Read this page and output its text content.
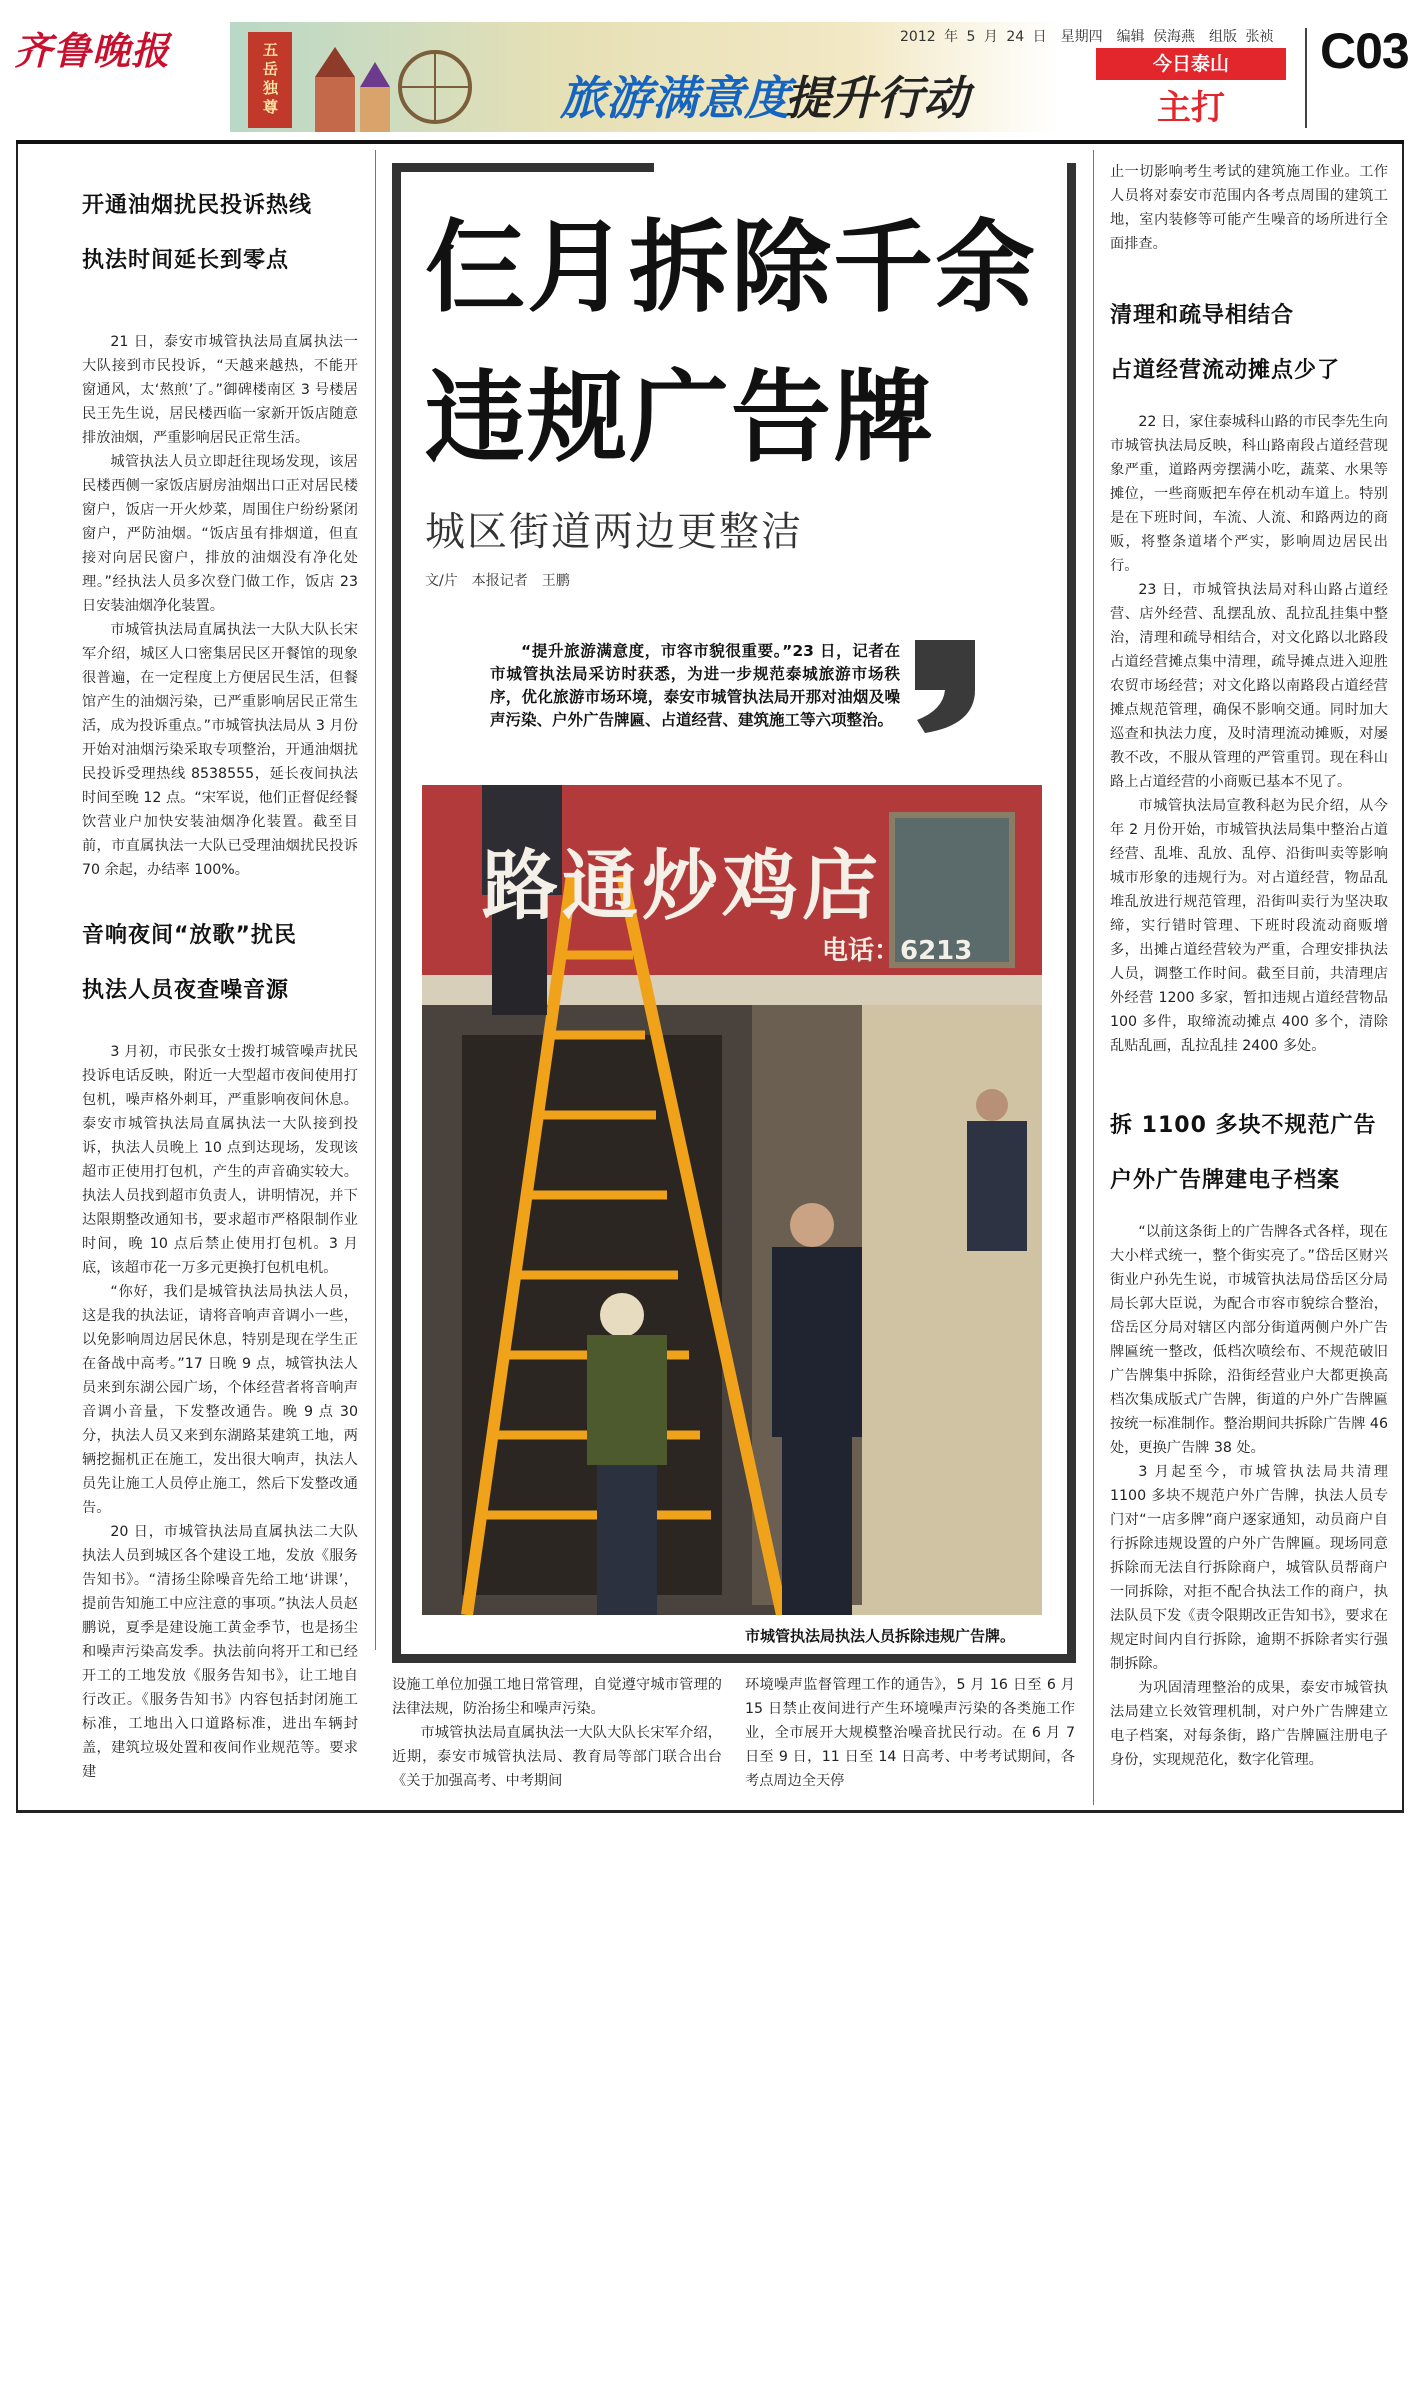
齐鲁晚报	五岳独尊	旅游满意度
提升行动
2012 年 5 月 24 日　星期四　编辑 侯海燕　组版 张祯
今日泰山
主打
C03
开通油烟扰民投诉热线
执法时间延长到零点

21 日，泰安市城管执法局直属执法一大队接到市民投诉，“天越来越热，不能开窗通风，太‘熬煎’了。”御碑楼南区 3 号楼居民王先生说，居民楼西临一家新开饭店随意排放油烟，严重影响居民正常生活。

城管执法人员立即赶往现场发现，该居民楼西侧一家饭店厨房油烟出口正对居民楼窗户，饭店一开火炒菜，周围住户纷纷紧闭窗户，严防油烟。“饭店虽有排烟道，但直接对向居民窗户，排放的油烟没有净化处理。”经执法人员多次登门做工作，饭店 23 日安装油烟净化装置。

市城管执法局直属执法一大队大队长宋军介绍，城区人口密集居民区开餐馆的现象很普遍，在一定程度上方便居民生活，但餐馆产生的油烟污染，已严重影响居民正常生活，成为投诉重点。”市城管执法局从 3 月份开始对油烟污染采取专项整治，开通油烟扰民投诉受理热线 8538555，延长夜间执法时间至晚 12 点。“宋军说，他们正督促经餐饮营业户加快安装油烟净化装置。截至目前，市直属执法一大队已受理油烟扰民投诉 70 余起，办结率 100%。

音响夜间“放歌”扰民
执法人员夜查噪音源

3 月初，市民张女士拨打城管噪声扰民投诉电话反映，附近一大型超市夜间使用打包机，噪声格外刺耳，严重影响夜间休息。泰安市城管执法局直属执法一大队接到投诉，执法人员晚上 10 点到达现场，发现该超市正使用打包机，产生的声音确实较大。执法人员找到超市负责人，讲明情况，并下达限期整改通知书，要求超市严格限制作业时间，晚 10 点后禁止使用打包机。3 月底，该超市花一万多元更换打包机电机。

“你好，我们是城管执法局执法人员，这是我的执法证，请将音响声音调小一些，以免影响周边居民休息，特别是现在学生正在备战中高考。”17 日晚 9 点，城管执法人员来到东湖公园广场，个体经营者将音响声音调小音量，下发整改通告。晚 9 点 30 分，执法人员又来到东湖路某建筑工地，两辆挖掘机正在施工，发出很大响声，执法人员先让施工人员停止施工，然后下发整改通告。

20 日，市城管执法局直属执法二大队执法人员到城区各个建设工地，发放《服务告知书》。“清扬尘除噪音先给工地‘讲课’，提前告知施工中应注意的事项。”执法人员赵鹏说，夏季是建设施工黄金季节，也是扬尘和噪声污染高发季。执法前向将开工和已经开工的工地发放《服务告知书》，让工地自行改正。《服务告知书》内容包括封闭施工标准，工地出入口道路标准，进出车辆封盖，建筑垃圾处置和夜间作业规范等。要求建

仨月拆除千余
违规广告牌
城区街道两边更整洁
文/片　本报记者　王鹏

“提升旅游满意度，市容市貌很重要。”23 日，记者在市城管执法局采访时获悉，为进一步规范泰城旅游市场秩序，优化旅游市场环境，泰安市城管执法局开那对油烟及噪声污染、户外广告牌匾、占道经营、建筑施工等六项整治。

路通炒鸡店
电话：6213
市城管执法局执法人员拆除违规广告牌。

设施工单位加强工地日常管理，自觉遵守城市管理的法律法规，防治扬尘和噪声污染。

市城管执法局直属执法一大队大队长宋军介绍，近期，泰安市城管执法局、教育局等部门联合出台《关于加强高考、中考期间

环境噪声监督管理工作的通告》，5 月 16 日至 6 月 15 日禁止夜间进行产生环境噪声污染的各类施工作业，全市展开大规模整治噪音扰民行动。在 6 月 7 日至 9 日，11 日至 14 日高考、中考考试期间，各考点周边全天停

止一切影响考生考试的建筑施工作业。工作人员将对泰安市范围内各考点周围的建筑工地，室内装修等可能产生噪音的场所进行全面排查。

清理和疏导相结合
占道经营流动摊点少了

22 日，家住泰城科山路的市民李先生向市城管执法局反映，科山路南段占道经营现象严重，道路两旁摆满小吃，蔬菜、水果等摊位，一些商贩把车停在机动车道上。特别是在下班时间，车流、人流、和路两边的商贩，将整条道堵个严实，影响周边居民出行。

23 日，市城管执法局对科山路占道经营、店外经营、乱摆乱放、乱拉乱挂集中整治，清理和疏导相结合，对文化路以北路段占道经营摊点集中清理，疏导摊点进入迎胜农贸市场经营；对文化路以南路段占道经营摊点规范管理，确保不影响交通。同时加大巡查和执法力度，及时清理流动摊贩，对屡教不改，不服从管理的严管重罚。现在科山路上占道经营的小商贩已基本不见了。

市城管执法局宣教科赵为民介绍，从今年 2 月份开始，市城管执法局集中整治占道经营、乱堆、乱放、乱停、沿街叫卖等影响城市形象的违规行为。对占道经营，物品乱堆乱放进行规范管理，沿街叫卖行为坚决取缔，实行错时管理、下班时段流动商贩增多，出摊占道经营较为严重，合理安排执法人员，调整工作时间。截至目前，共清理店外经营 1200 多家，暂扣违规占道经营物品 100 多件，取缔流动摊点 400 多个，清除乱贴乱画，乱拉乱挂 2400 多处。

拆 1100 多块不规范广告
户外广告牌建电子档案

“以前这条街上的广告牌各式各样，现在大小样式统一，整个街实亮了。”岱岳区财兴街业户孙先生说，市城管执法局岱岳区分局局长郭大臣说，为配合市容市貌综合整治，岱岳区分局对辖区内部分街道两侧户外广告牌匾统一整改，低档次喷绘布、不规范破旧广告牌集中拆除，沿街经营业户大都更换高档次集成版式广告牌，街道的户外广告牌匾按统一标准制作。整治期间共拆除广告牌 46 处，更换广告牌 38 处。

3 月起至今，市城管执法局共清理 1100 多块不规范户外广告牌，执法人员专门对“一店多牌”商户逐家通知，动员商户自行拆除违规设置的户外广告牌匾。现场同意拆除而无法自行拆除商户，城管队员帮商户一同拆除，对拒不配合执法工作的商户，执法队员下发《责令限期改正告知书》，要求在规定时间内自行拆除，逾期不拆除者实行强制拆除。

为巩固清理整治的成果，泰安市城管执法局建立长效管理机制，对户外广告牌建立电子档案，对每条街，路广告牌匾注册电子身份，实现规范化，数字化管理。
